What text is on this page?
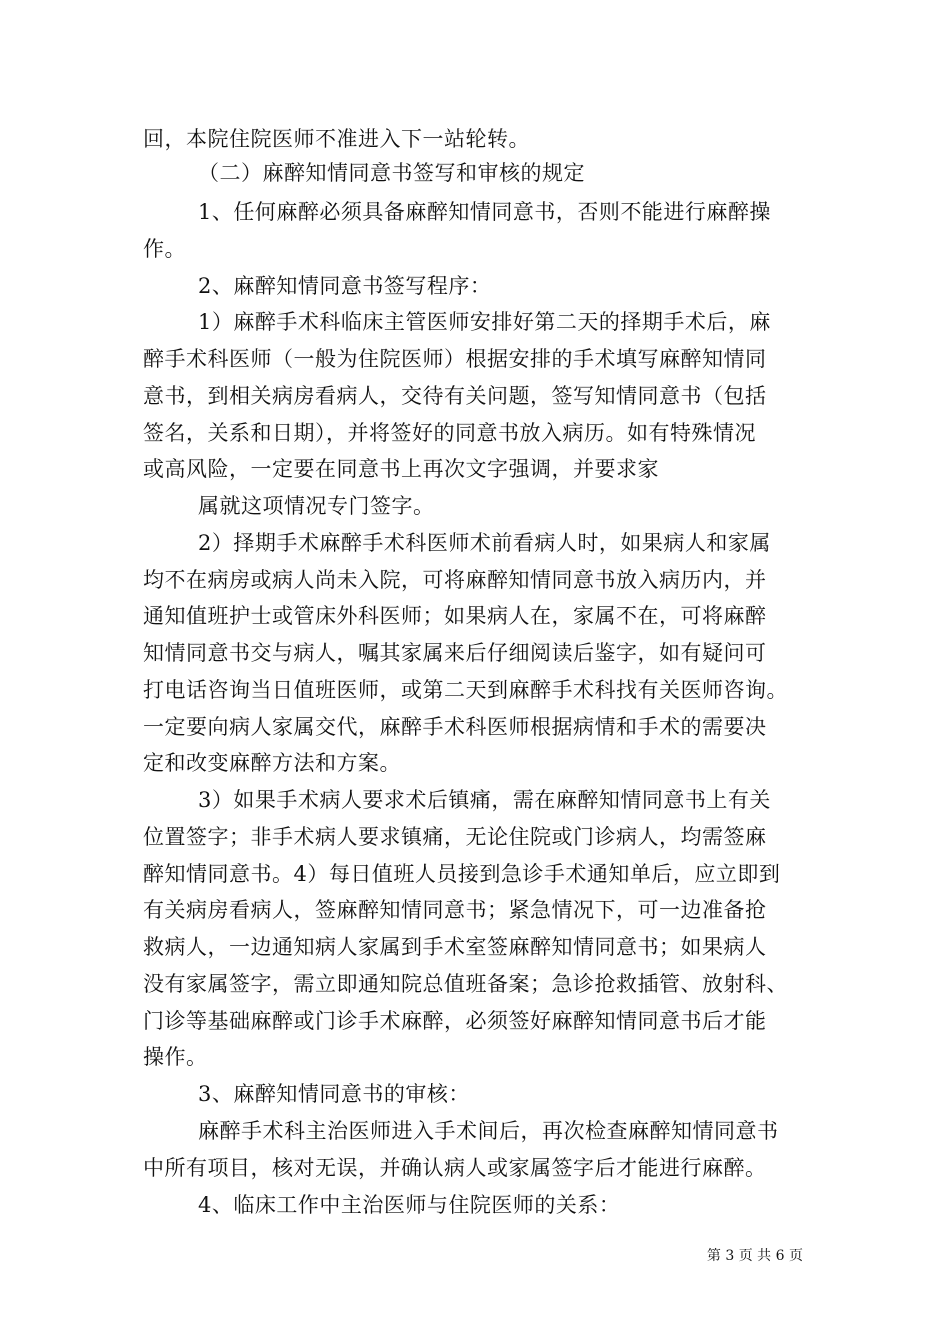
回，本院住院医师不准进入下一站轮转。
（二）麻醉知情同意书签写和审核的规定
1、任何麻醉必须具备麻醉知情同意书，否则不能进行麻醉操
作。
2、麻醉知情同意书签写程序：
1）麻醉手术科临床主管医师安排好第二天的择期手术后，麻
醉手术科医师（一般为住院医师）根据安排的手术填写麻醉知情同
意书，到相关病房看病人，交待有关问题，签写知情同意书（包括
签名，关系和日期），并将签好的同意书放入病历。如有特殊情况
或高风险，一定要在同意书上再次文字强调，并要求家
属就这项情况专门签字。
2）择期手术麻醉手术科医师术前看病人时，如果病人和家属
均不在病房或病人尚未入院，可将麻醉知情同意书放入病历内，并
通知值班护士或管床外科医师；如果病人在，家属不在，可将麻醉
知情同意书交与病人，嘱其家属来后仔细阅读后鉴字，如有疑问可
打电话咨询当日值班医师，或第二天到麻醉手术科找有关医师咨询。
一定要向病人家属交代，麻醉手术科医师根据病情和手术的需要决
定和改变麻醉方法和方案。
3）如果手术病人要求术后镇痛，需在麻醉知情同意书上有关
位置签字；非手术病人要求镇痛，无论住院或门诊病人，均需签麻
醉知情同意书。4）每日值班人员接到急诊手术通知单后，应立即到
有关病房看病人，签麻醉知情同意书；紧急情况下，可一边准备抢
救病人，一边通知病人家属到手术室签麻醉知情同意书；如果病人
没有家属签字，需立即通知院总值班备案；急诊抢救插管、放射科、
门诊等基础麻醉或门诊手术麻醉，必须签好麻醉知情同意书后才能
操作。
3、麻醉知情同意书的审核：
麻醉手术科主治医师进入手术间后，再次检查麻醉知情同意书
中所有项目，核对无误，并确认病人或家属签字后才能进行麻醉。
4、临床工作中主治医师与住院医师的关系：
第 3 页 共 6 页
